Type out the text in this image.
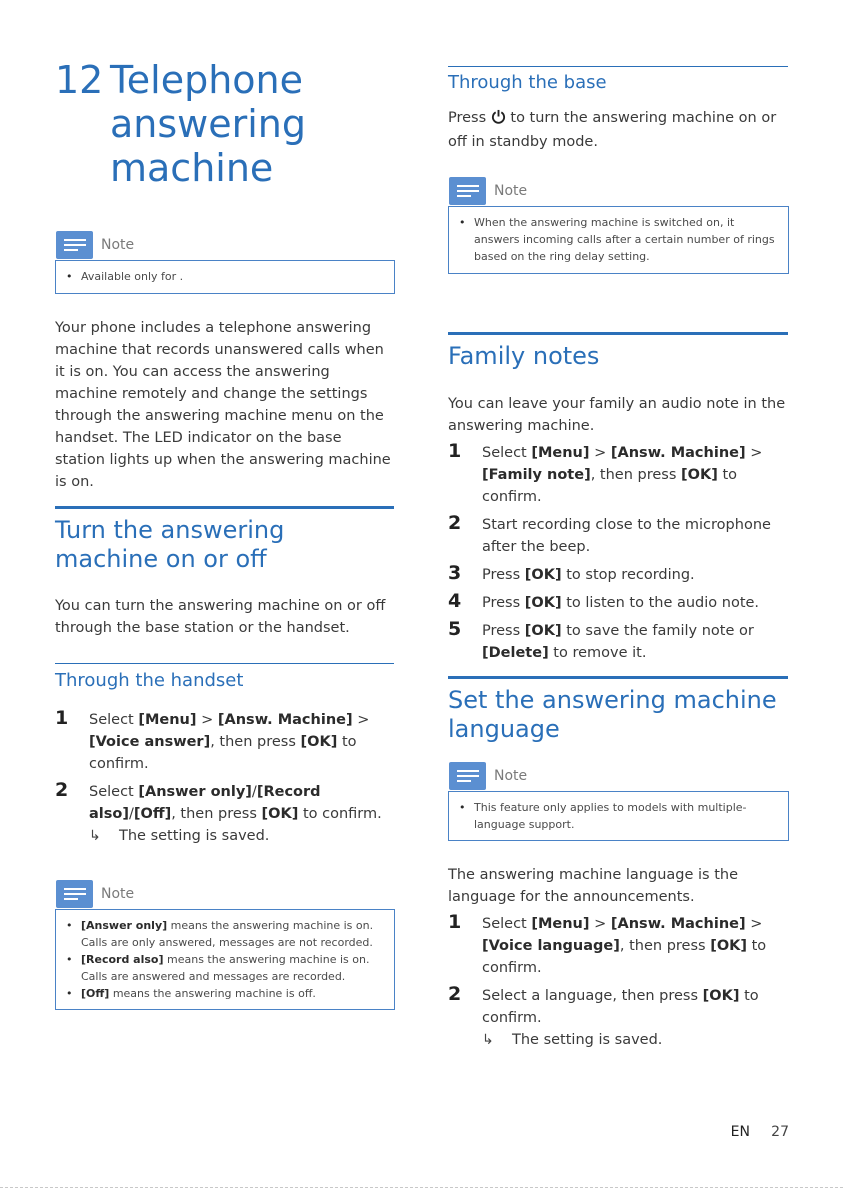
12 Telephone
answering
machine
Note
• Available only for .
Your phone includes a telephone answering machine that records unanswered calls when it is on. You can access the answering machine remotely and change the settings through the answering machine menu on the handset. The LED indicator on the base station lights up when the answering machine is on.
Turn the answering machine on or off
You can turn the answering machine on or off through the base station or the handset.
Through the handset
1 Select [Menu] > [Answ. Machine] >
[Voice answer], then press [OK] to confirm.
2 Select [Answer only]/[Record also]/[Off], then press [OK] to confirm.
↳ The setting is saved.
Note
• [Answer only] means the answering machine is on. Calls are only answered, messages are not recorded.
• [Record also] means the answering machine is on. Calls are answered and messages are recorded.
• [Off] means the answering machine is off.
Through the base
Press  to turn the answering machine on or off in standby mode.
Note
• When the answering machine is switched on, it answers incoming calls after a certain number of rings based on the ring delay setting.
Family notes
You can leave your family an audio note in the answering machine.
1 Select [Menu] > [Answ. Machine] >
[Family note], then press [OK] to confirm.
2 Start recording close to the microphone after the beep.
3 Press [OK] to stop recording.
4 Press [OK] to listen to the audio note.
5 Press [OK] to save the family note or [Delete] to remove it.
Set the answering machine language
Note
• This feature only applies to models with multiple-language support.
The answering machine language is the language for the announcements.
1 Select [Menu] > [Answ. Machine] >
[Voice language], then press [OK] to confirm.
2 Select a language, then press [OK] to confirm.
↳ The setting is saved.
EN 27
